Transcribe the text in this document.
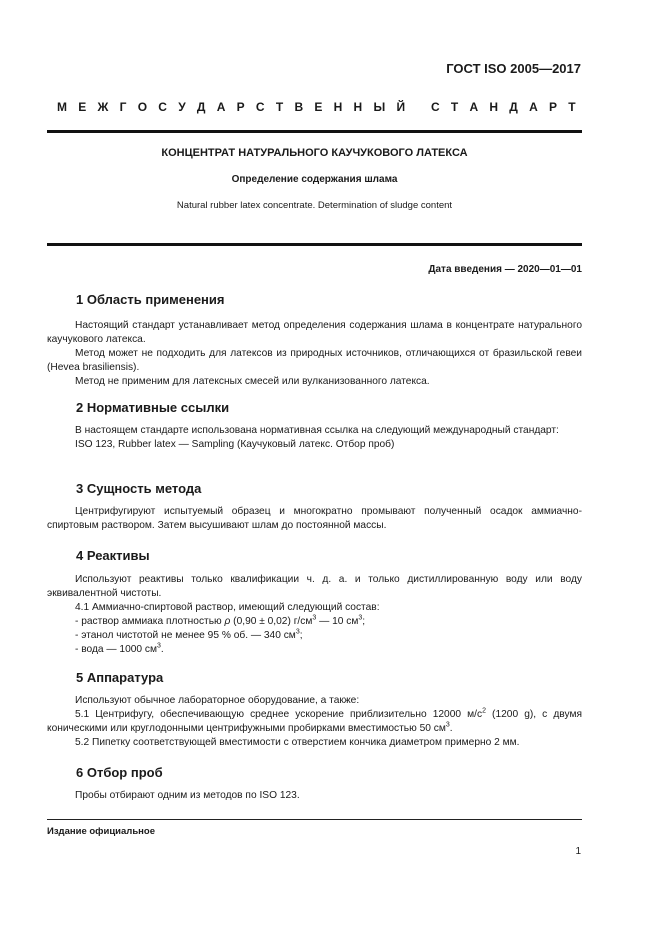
ГОСТ ISO 2005—2017
М Е Ж Г О С У Д А Р С Т В Е Н Н Ы Й
С Т А Н Д А Р Т
КОНЦЕНТРАТ НАТУРАЛЬНОГО КАУЧУКОВОГО ЛАТЕКСА
Определение содержания шлама
Natural rubber latex concentrate. Determination of sludge content
Дата введения — 2020—01—01
1 Область применения

Настоящий стандарт устанавливает метод определения содержания шлама в концентрате натурального каучукового латекса.

Метод может не подходить для латексов из природных источников, отличающихся от бразильской гевеи (Hevea brasiliensis).

Метод не применим для латексных смесей или вулканизованного латекса.

2 Нормативные ссылки

В настоящем стандарте использована нормативная ссылка на следующий международный стандарт:

ISO 123, Rubber latex — Sampling (Каучуковый латекс. Отбор проб)

3 Сущность метода

Центрифугируют испытуемый образец и многократно промывают полученный осадок аммиачно-спиртовым раствором. Затем высушивают шлам до постоянной массы.

4 Реактивы

Используют реактивы только квалификации ч. д. а. и только дистиллированную воду или воду эквивалентной чистоты.

4.1 Аммиачно-спиртовой раствор, имеющий следующий состав:

- раствор аммиака плотностью ρ (0,90 ± 0,02) $г/см^3$ — 10 $см^3$;

- этанол чистотой не менее 95 % об. — 340 $см^3$;

- вода — 1000 $см^3$.

5 Аппаратура

Используют обычное лабораторное оборудование, а также:

5.1 Центрифугу, обеспечивающую среднее ускорение приблизительно 12000 $м/с^2$ (1200 g), с двумя коническими или круглодонными центрифужными пробирками вместимостью 50 $см^3$.

5.2 Пипетку соответствующей вместимости с отверстием кончика диаметром примерно 2 мм.

6 Отбор проб

Пробы отбирают одним из методов по ISO 123.

Издание официальное
1
